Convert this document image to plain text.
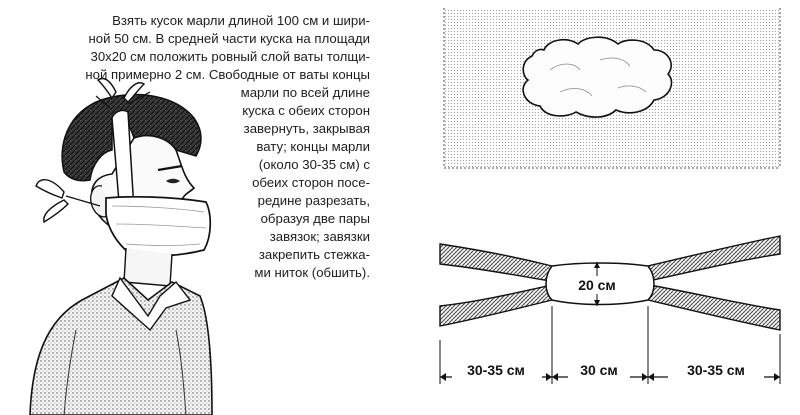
20 см
30-35 см	30 см	30-35 см
Взять кусок марли длиной 100 см и шири-
ной 50 см. В средней части куска на площади
30х20 см положить ровный слой ваты толщи-
ной примерно 2 см. Свободные от ваты концы
марли по всей длине
куска с обеих сторон
завернуть, закрывая
вату; концы марли
(около 30-35 см) с
обеих сторон посе-
редине разрезать,
образуя две пары
завязок; завязки
закрепить стежка-
ми ниток (обшить).
